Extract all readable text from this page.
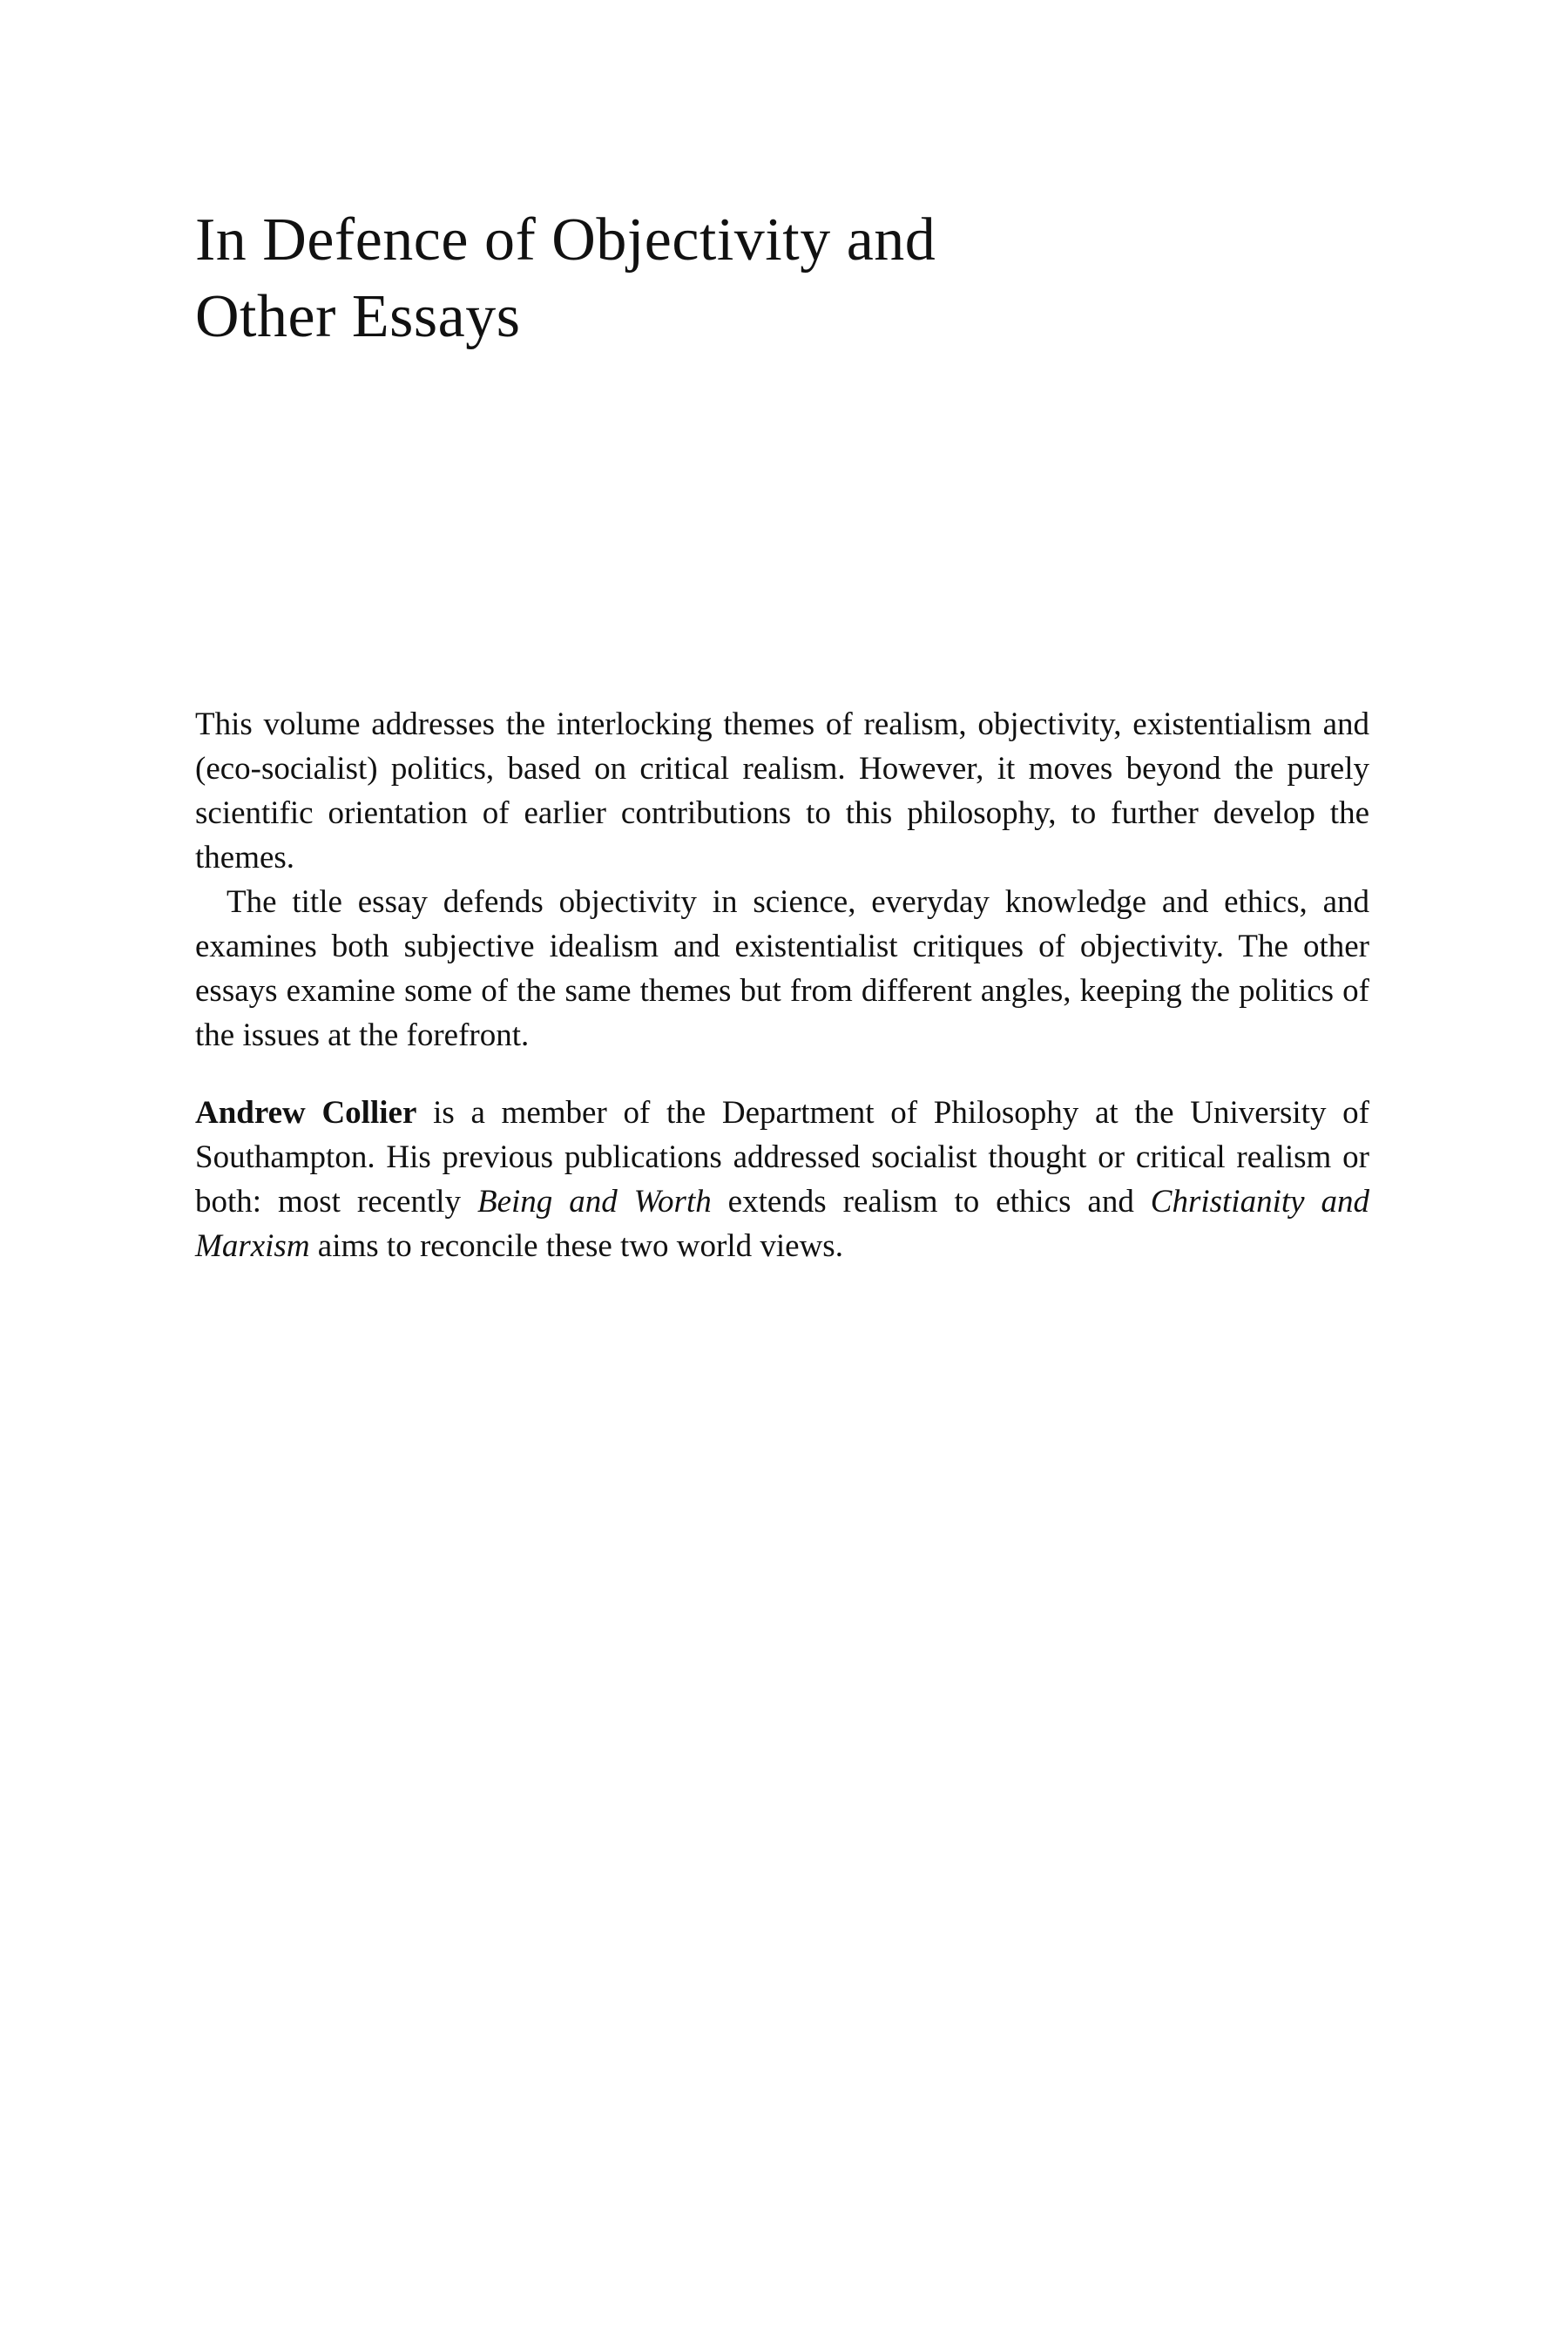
In Defence of Objectivity and
Other Essays

This volume addresses the interlocking themes of realism, objectivity, existentialism and (eco-socialist) politics, based on critical realism. However, it moves beyond the purely scientific orientation of earlier contributions to this philosophy, to further develop the themes.

The title essay defends objectivity in science, everyday knowledge and ethics, and examines both subjective idealism and existentialist critiques of objectivity. The other essays examine some of the same themes but from different angles, keeping the politics of the issues at the forefront.

Andrew Collier is a member of the Department of Philosophy at the University of Southampton. His previous publications addressed socialist thought or critical realism or both: most recently Being and Worth extends realism to ethics and Christianity and Marxism aims to reconcile these two world views.
